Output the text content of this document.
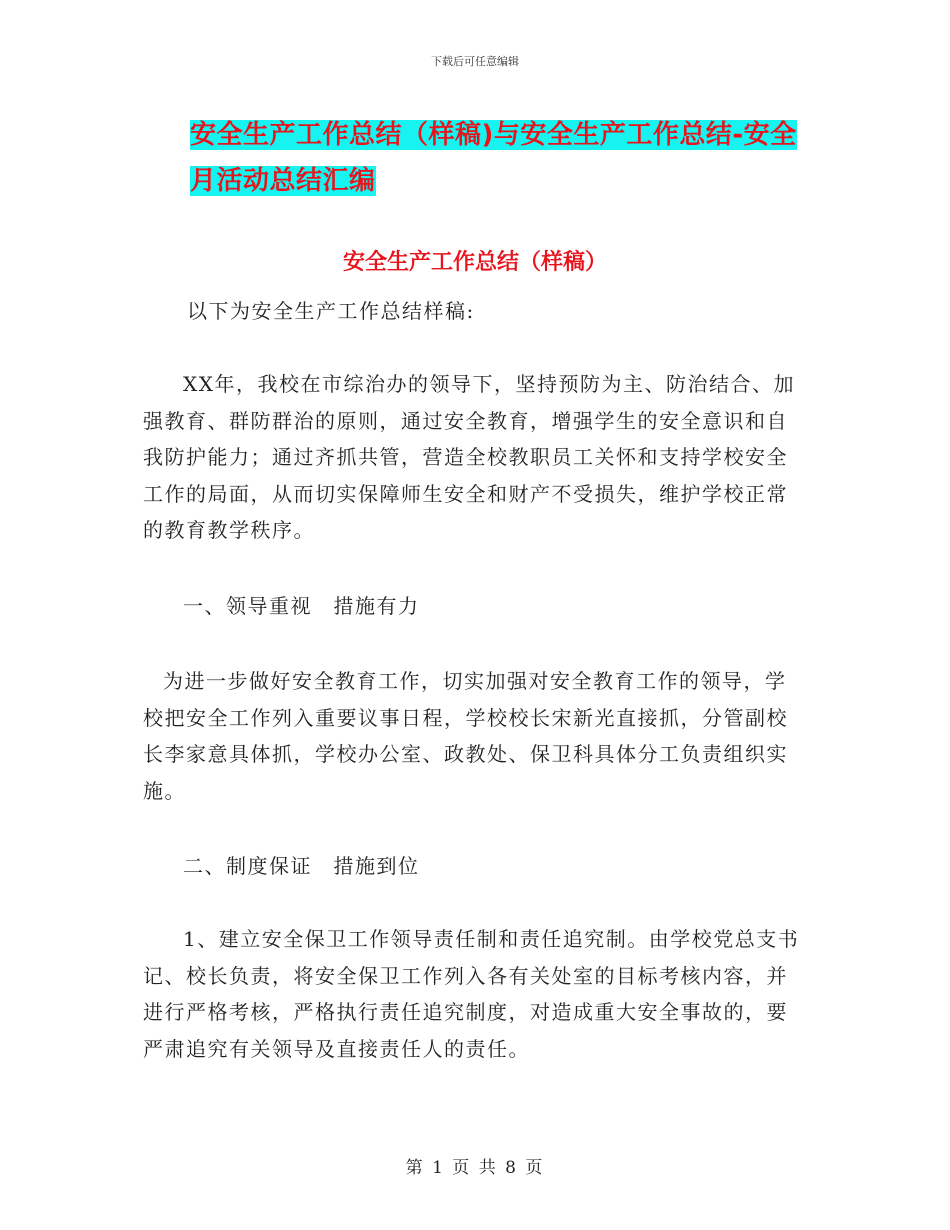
下载后可任意编辑
安全生产工作总结（样稿)与安全生产工作总结-安全
月活动总结汇编
安全生产工作总结（样稿）

以下为安全生产工作总结样稿:

XX年，我校在市综治办的领导下，坚持预防为主、防治结合、加强教育、群防群治的原则，通过安全教育，增强学生的安全意识和自我防护能力；通过齐抓共管，营造全校教职员工关怀和支持学校安全工作的局面，从而切实保障师生安全和财产不受损失，维护学校正常的教育教学秩序。

一、领导重视　措施有力

为进一步做好安全教育工作，切实加强对安全教育工作的领导，学校把安全工作列入重要议事日程，学校校长宋新光直接抓，分管副校长李家意具体抓，学校办公室、政教处、保卫科具体分工负责组织实施。

二、制度保证　措施到位

1、建立安全保卫工作领导责任制和责任追究制。由学校党总支书记、校长负责，将安全保卫工作列入各有关处室的目标考核内容，并进行严格考核，严格执行责任追究制度，对造成重大安全事故的，要严肃追究有关领导及直接责任人的责任。

第 1 页 共 8 页
